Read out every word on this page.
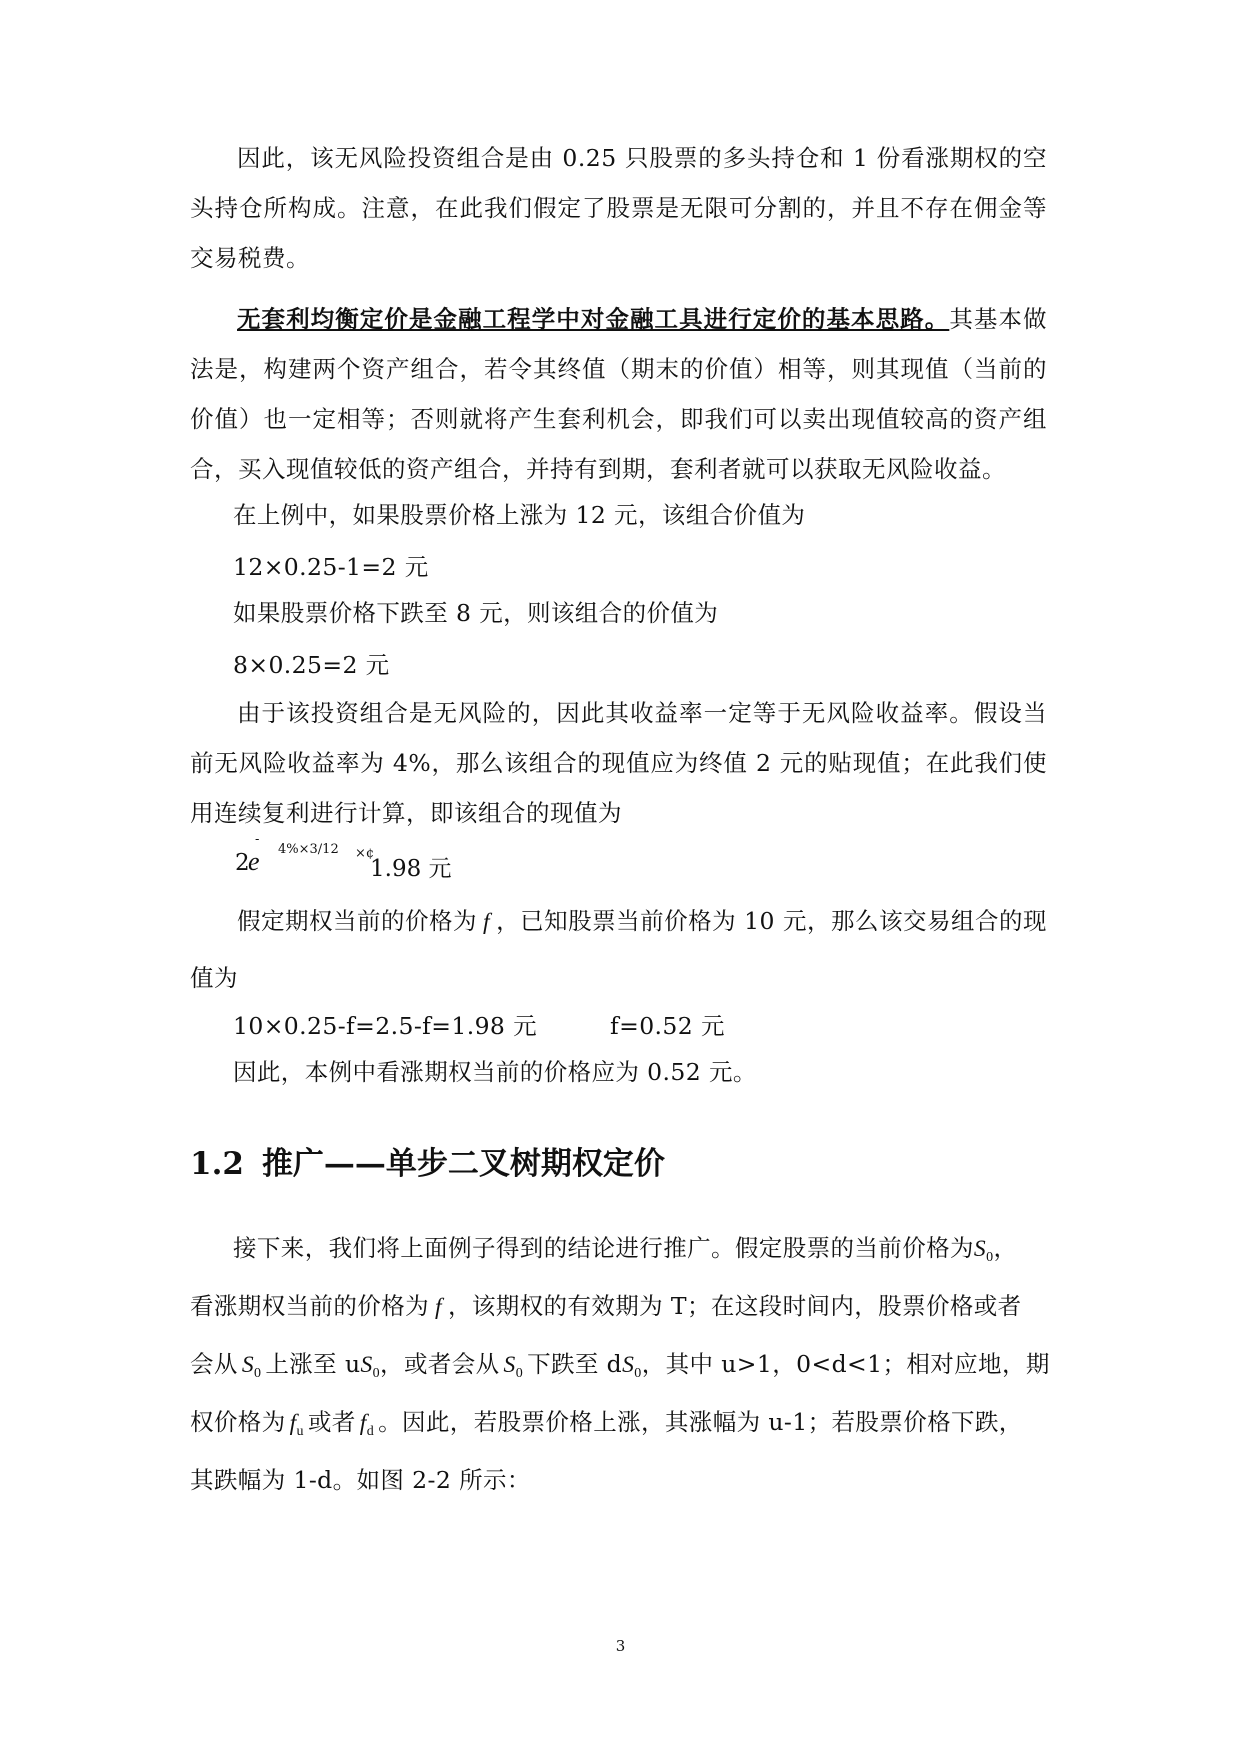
因此，该无风险投资组合是由 0.25 只股票的多头持仓和 1 份看涨期权的空头持仓所构成。注意，在此我们假定了股票是无限可分割的，并且不存在佣金等交易税费。
无套利均衡定价是金融工程学中对金融工具进行定价的基本思路。其基本做法是，构建两个资产组合，若令其终值（期末的价值）相等，则其现值（当前的价值）也一定相等；否则就将产生套利机会，即我们可以卖出现值较高的资产组合，买入现值较低的资产组合，并持有到期，套利者就可以获取无风险收益。
在上例中，如果股票价格上涨为 12 元，该组合价值为
12×0.25-1=2 元
如果股票价格下跌至 8 元，则该组合的价值为
8×0.25=2 元
由于该投资组合是无风险的，因此其收益率一定等于无风险收益率。假设当前无风险收益率为 4%，那么该组合的现值应为终值 2 元的贴现值；在此我们使用连续复利进行计算，即该组合的现值为
2
e
-
4%×3/12 ×¢
1.98 元
假定期权当前的价格为 f ，已知股票当前价格为 10 元，那么该交易组合的现值为
10×0.25-f=2.5-f=1.98 元	f=0.52 元
因此，本例中看涨期权当前的价格应为 0.52 元。
1.2 推广——单步二叉树期权定价
接下来，我们将上面例子得到的结论进行推广。假定股票的当前价格为$S_0$，
看涨期权当前的价格为 f ，该期权的有效期为 T；在这段时间内，股票价格或者
会从 $S_0$ 上涨至 $uS_0$，或者会从 $S_0$ 下跌至 $dS_0$，其中 u>1，0<d<1；相对应地，期
权价格为 $f_u$ 或者 $f_d$ 。因此，若股票价格上涨，其涨幅为 u-1；若股票价格下跌，
其跌幅为 1-d。如图 2-2 所示：
3
